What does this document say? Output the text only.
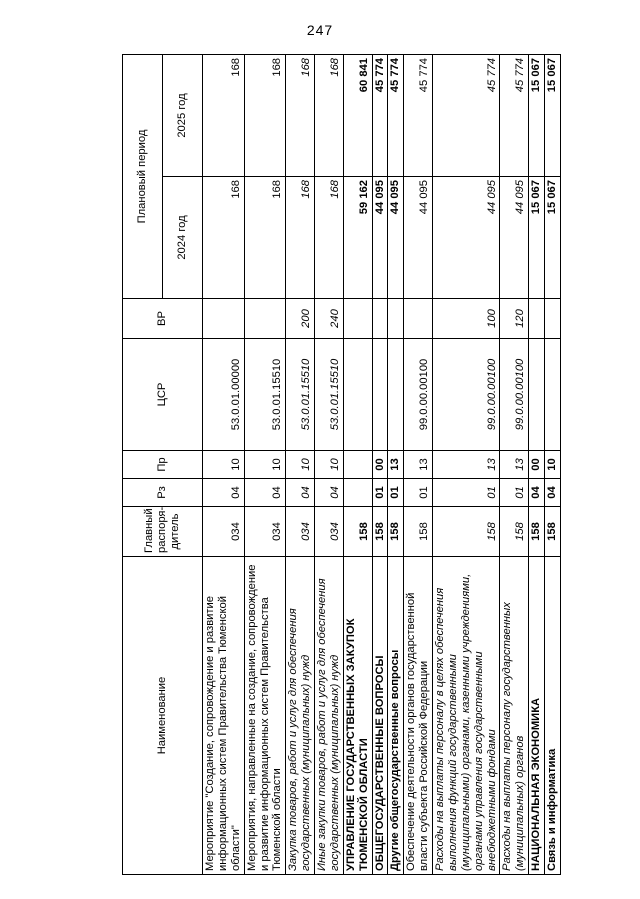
247
Наименование	Главный распоря-дитель	Рз	Пр	ЦСР	ВР	Плановый период	
						2024 год	2025 год
Мероприятие "Создание, сопровождение и развитие информационных систем Правительства Тюменской области"	034	04	10	53.0.01.00000		168	168
Мероприятия, направленные на создание, сопровождение и развитие информационных систем Правительства Тюменской области	034	04	10	53.0.01.15510		168	168
Закупка товаров, работ и услуг для обеспечения государственных (муниципальных) нужд	034	04	10	53.0.01.15510	200	168	168
Иные закупки товаров, работ и услуг для обеспечения государственных (муниципальных) нужд	034	04	10	53.0.01.15510	240	168	168
УПРАВЛЕНИЕ ГОСУДАРСТВЕННЫХ ЗАКУПОК ТЮМЕНСКОЙ ОБЛАСТИ	158					59 162	60 841
ОБЩЕГОСУДАРСТВЕННЫЕ ВОПРОСЫ	158	01	00			44 095	45 774
Другие общегосударственные вопросы	158	01	13			44 095	45 774
Обеспечение деятельности органов государственной власти субъекта Российской Федерации	158	01	13	99.0.00.00100		44 095	45 774
Расходы на выплаты персоналу в целях обеспечения выполнения функций государственными (муниципальными) органами, казенными учреждениями, органами управления государственными внебюджетными фондами	158	01	13	99.0.00.00100	100	44 095	45 774
Расходы на выплаты персоналу государственных (муниципальных) органов	158	01	13	99.0.00.00100	120	44 095	45 774
НАЦИОНАЛЬНАЯ ЭКОНОМИКА	158	04	00			15 067	15 067
Связь и информатика	158	04	10			15 067	15 067
